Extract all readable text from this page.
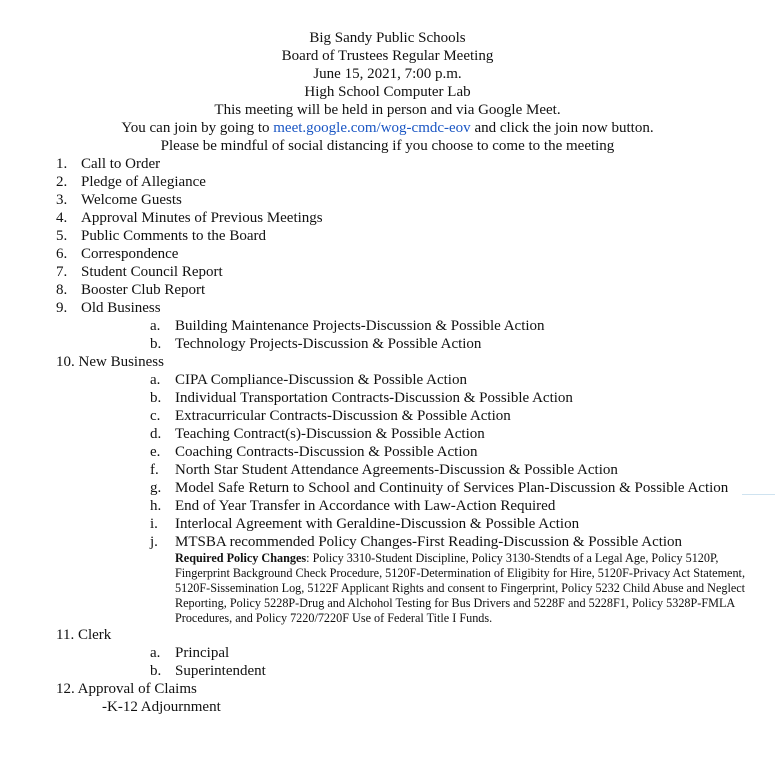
Big Sandy Public Schools
Board of Trustees Regular Meeting
June 15, 2021, 7:00 p.m.
High School Computer Lab
This meeting will be held in person and via Google Meet.
You can join by going to meet.google.com/wog-cmdc-eov and click the join now button.
Please be mindful of social distancing if you choose to come to the meeting
1. Call to Order
2. Pledge of Allegiance
3. Welcome Guests
4. Approval Minutes of Previous Meetings
5. Public Comments to the Board
6. Correspondence
7. Student Council Report
8. Booster Club Report
9. Old Business
a. Building Maintenance Projects-Discussion & Possible Action
b. Technology Projects-Discussion & Possible Action
10. New Business
a. CIPA Compliance-Discussion & Possible Action
b. Individual Transportation Contracts-Discussion & Possible Action
c. Extracurricular Contracts-Discussion & Possible Action
d. Teaching Contract(s)-Discussion & Possible Action
e. Coaching Contracts-Discussion & Possible Action
f.	North Star Student Attendance Agreements-Discussion & Possible Action
g. Model Safe Return to School and Continuity of Services Plan-Discussion & Possible Action
h. End of Year Transfer in Accordance with Law-Action Required
i.	Interlocal Agreement with Geraldine-Discussion & Possible Action
j.	MTSBA recommended Policy Changes-First Reading-Discussion & Possible Action
Required Policy Changes: Policy 3310-Student Discipline, Policy 3130-Stendts of a Legal Age, Policy 5120P, Fingerprint Background Check Procedure, 5120F-Determination of Eligibity for Hire, 5120F-Privacy Act Statement, 5120F-Sissemination Log, 5122F Applicant Rights and consent to Fingerprint, Policy 5232 Child Abuse and Neglect Reporting, Policy 5228P-Drug and Alchohol Testing for Bus Drivers and 5228F and 5228F1, Policy 5328P-FMLA Procedures, and Policy 7220/7220F Use of Federal Title I Funds.
11. Clerk
a. Principal
b. Superintendent
12. Approval of Claims
-K-12 Adjournment
